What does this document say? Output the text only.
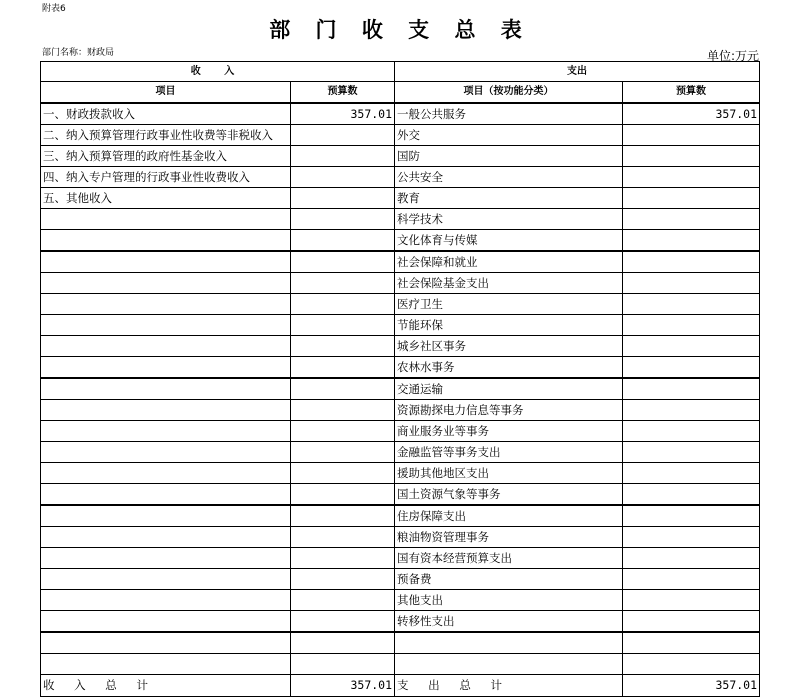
附表6
部 门 收 支 总 表
部门名称：财政局	单位:万元
收 入		支出	
项目	预算数	项目（按功能分类）	预算数
一、财政拨款收入	357.01	一般公共服务	357.01
二、纳入预算管理行政事业性收费等非税收入		外交	
三、纳入预算管理的政府性基金收入		国防	
四、纳入专户管理的行政事业性收费收入		公共安全	
五、其他收入		教育	
		科学技术	
		文化体育与传媒	
		社会保障和就业	
		社会保险基金支出	
		医疗卫生	
		节能环保	
		城乡社区事务	
		农林水事务	
		交通运输	
		资源勘探电力信息等事务	
		商业服务业等事务	
		金融监管等事务支出	
		援助其他地区支出	
		国土资源气象等事务	
		住房保障支出	
		粮油物资管理事务	
		国有资本经营预算支出	
		预备费	
		其他支出	
		转移性支出	

收 入 总 计	357.01	支 出 总 计	357.01
